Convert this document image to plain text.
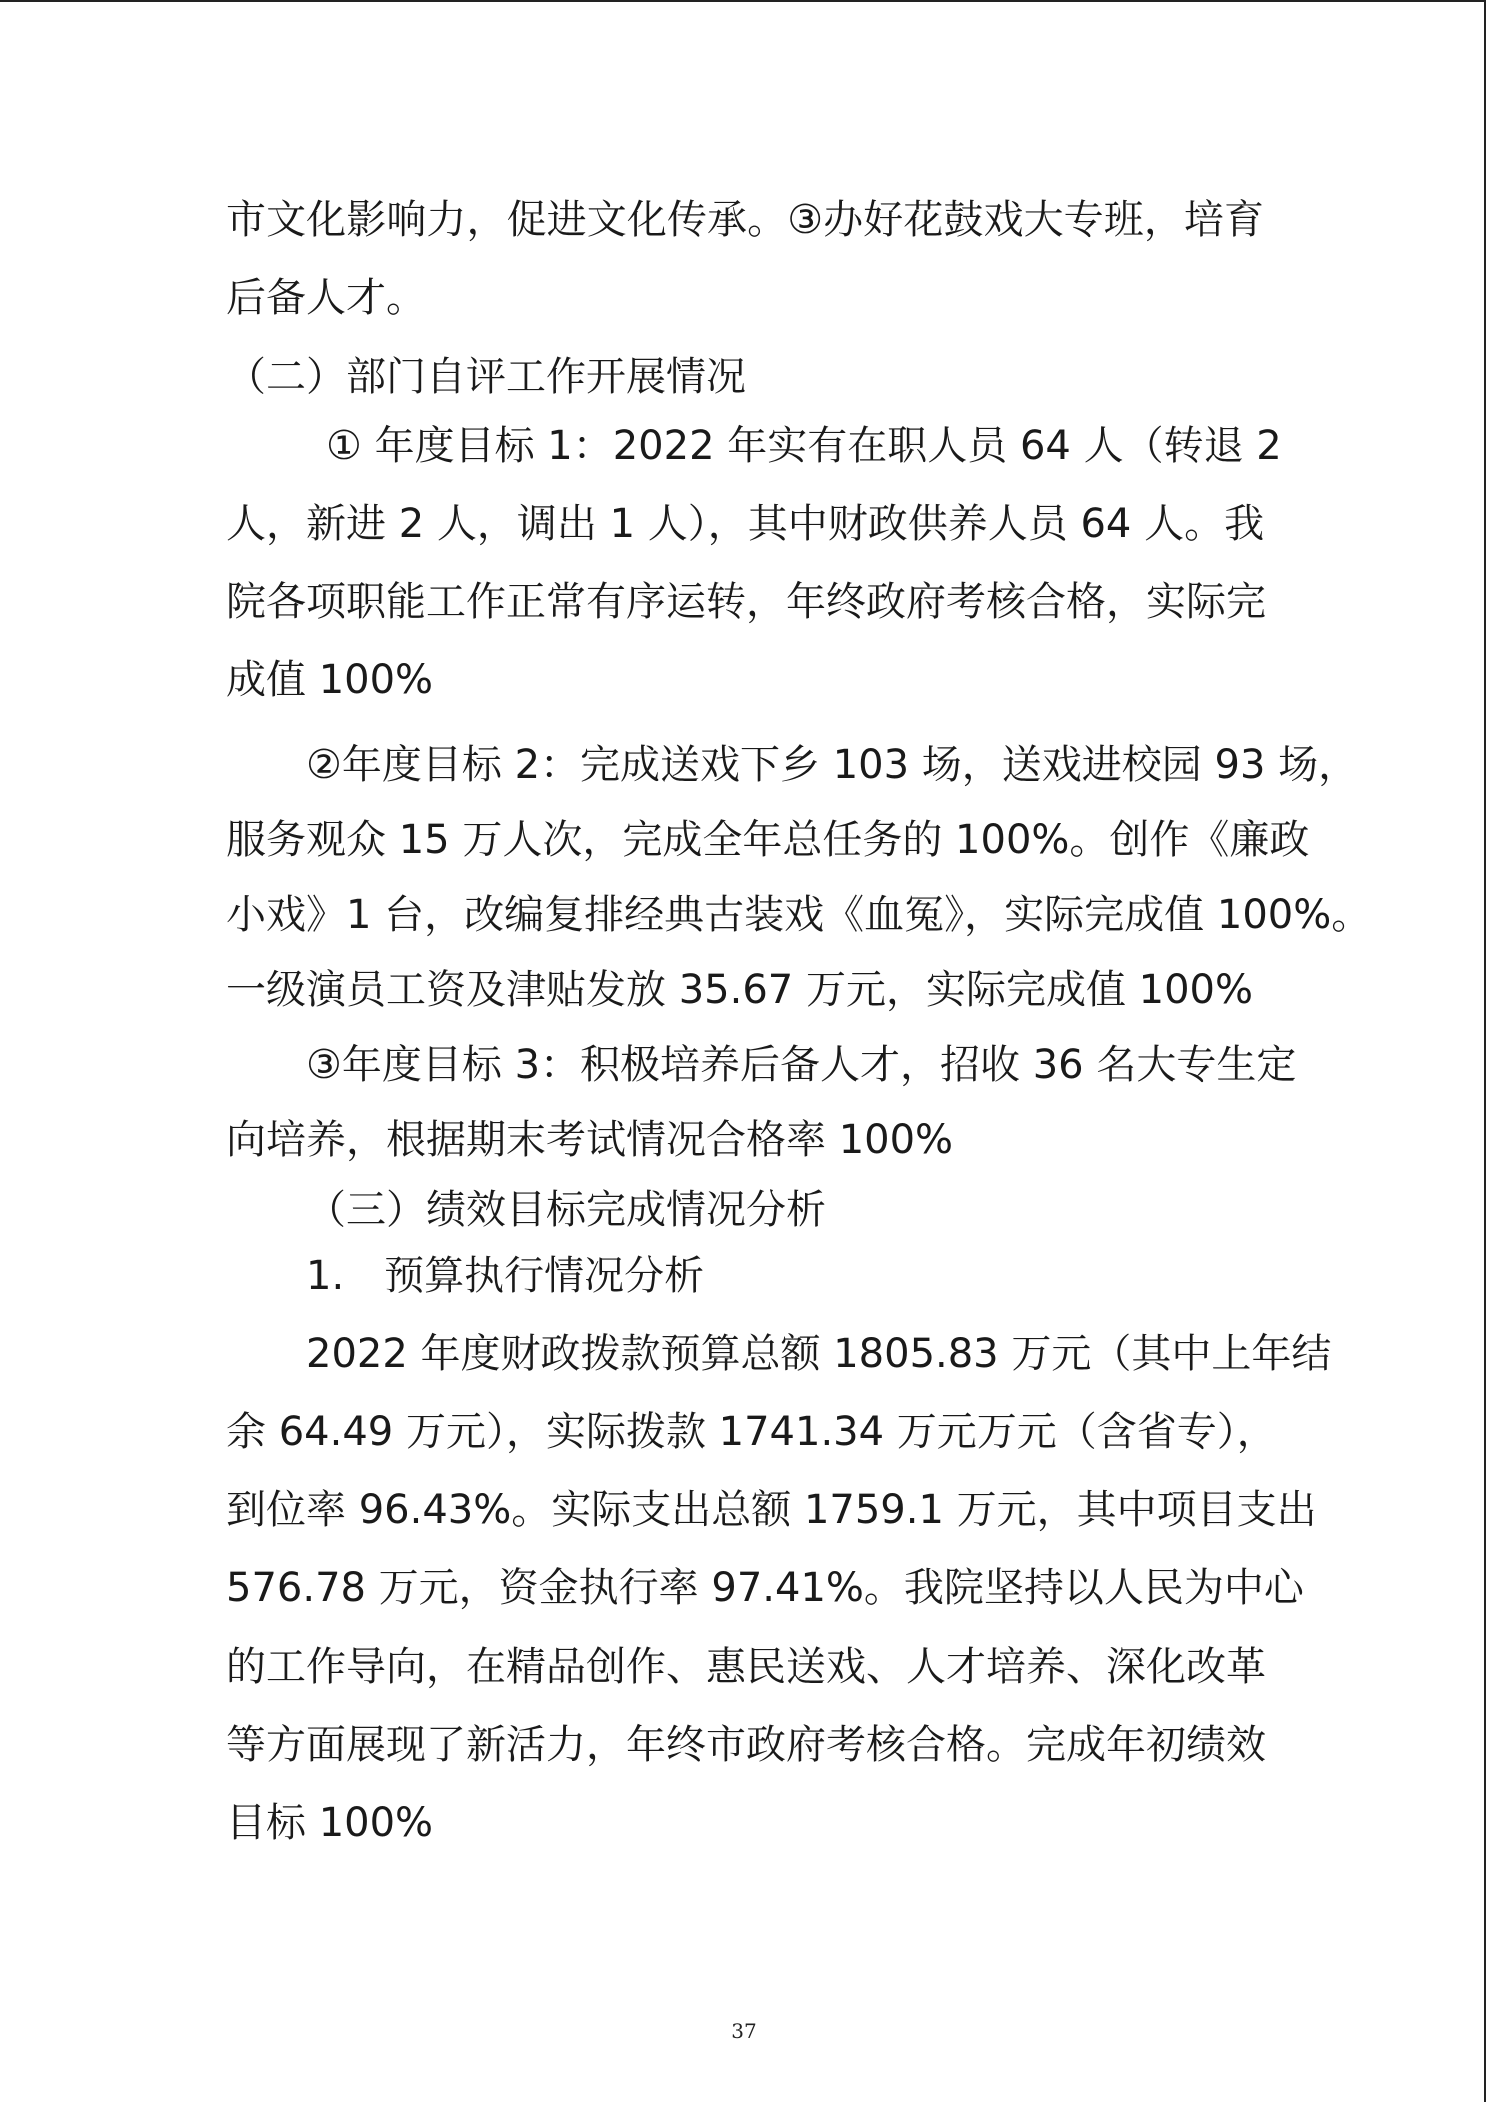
市文化影响力，促进文化传承。③办好花鼓戏大专班，培育
后备人才。
（二）部门自评工作开展情况
① 年度目标 1：2022 年实有在职人员 64 人（转退 2
人，新进 2 人，调出 1 人），其中财政供养人员 64 人。我
院各项职能工作正常有序运转，年终政府考核合格，实际完
成值 100%
②年度目标 2：完成送戏下乡 103 场，送戏进校园 93 场，
服务观众 15 万人次，完成全年总任务的 100%。创作《廉政
小戏》1 台，改编复排经典古装戏《血冤》，实际完成值 100%。
一级演员工资及津贴发放 35.67 万元，实际完成值 100%
③年度目标 3：积极培养后备人才，招收 36 名大专生定
向培养，根据期末考试情况合格率 100%
（三）绩效目标完成情况分析
1.　预算执行情况分析
2022 年度财政拨款预算总额 1805.83 万元（其中上年结
余 64.49 万元），实际拨款 1741.34 万元万元（含省专），
到位率 96.43%。实际支出总额 1759.1 万元，其中项目支出
576.78 万元，资金执行率 97.41%。我院坚持以人民为中心
的工作导向，在精品创作、惠民送戏、人才培养、深化改革
等方面展现了新活力，年终市政府考核合格。完成年初绩效
目标 100%
37
